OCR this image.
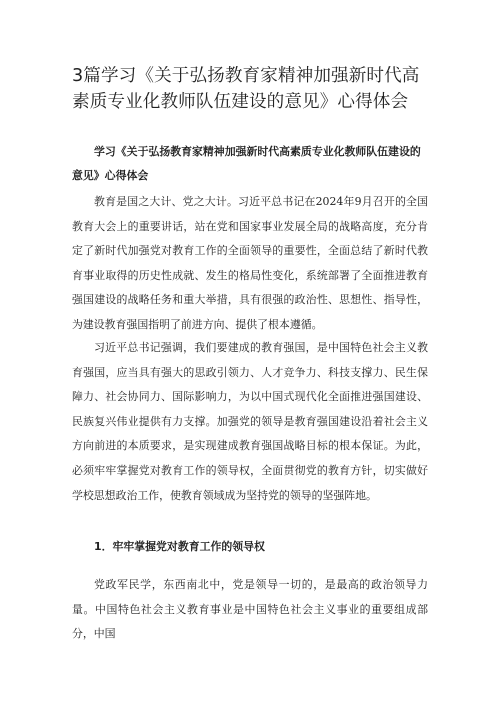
3篇学习《关于弘扬教育家精神加强新时代高素质专业化教师队伍建设的意见》心得体会
学习《关于弘扬教育家精神加强新时代高素质专业化教师队伍建设的意见》心得体会

教育是国之大计、党之大计。习近平总书记在2024年9月召开的全国教育大会上的重要讲话，站在党和国家事业发展全局的战略高度，充分肯定了新时代加强党对教育工作的全面领导的重要性，全面总结了新时代教育事业取得的历史性成就、发生的格局性变化，系统部署了全面推进教育强国建设的战略任务和重大举措，具有很强的政治性、思想性、指导性，为建设教育强国指明了前进方向、提供了根本遵循。

习近平总书记强调，我们要建成的教育强国，是中国特色社会主义教育强国，应当具有强大的思政引领力、人才竞争力、科技支撑力、民生保障力、社会协同力、国际影响力，为以中国式现代化全面推进强国建设、民族复兴伟业提供有力支撑。加强党的领导是教育强国建设沿着社会主义方向前进的本质要求，是实现建成教育强国战略目标的根本保证。为此，必须牢牢掌握党对教育工作的领导权，全面贯彻党的教育方针，切实做好学校思想政治工作，使教育领域成为坚持党的领导的坚强阵地。

1．牢牢掌握党对教育工作的领导权

党政军民学，东西南北中，党是领导一切的，是最高的政治领导力量。中国特色社会主义教育事业是中国特色社会主义事业的重要组成部分，中国
